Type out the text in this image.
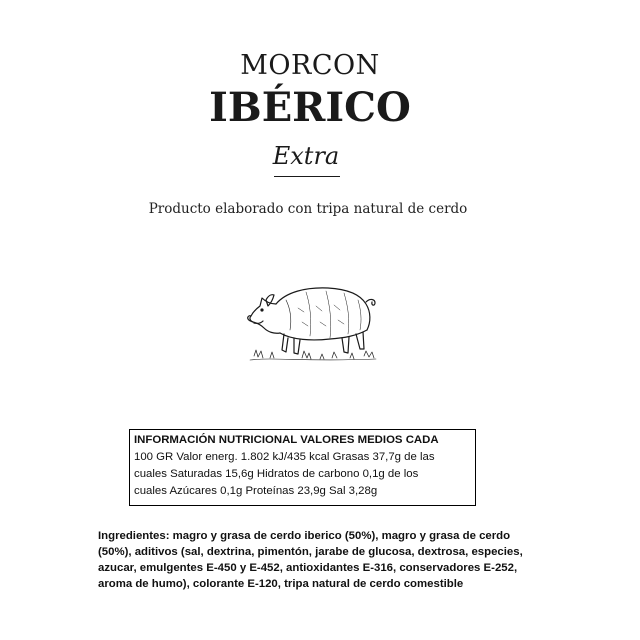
MORCON
IBÉRICO
Extra
Producto elaborado con tripa natural de cerdo
INFORMACIÓN NUTRICIONAL VALORES MEDIOS CADA
100 GR Valor energ. 1.802 kJ/435 kcal Grasas 37,7g de las
cuales Saturadas 15,6g Hidratos de carbono 0,1g de los
cuales Azúcares 0,1g Proteínas 23,9g Sal 3,28g
Ingredientes: magro y grasa de cerdo iberico (50%), magro y grasa de cerdo
(50%), aditivos (sal, dextrina, pimentón, jarabe de glucosa, dextrosa, especies,
azucar, emulgentes E-450 y E-452, antioxidantes E-316, conservadores E-252,
aroma de humo), colorante E-120, tripa natural de cerdo comestible
